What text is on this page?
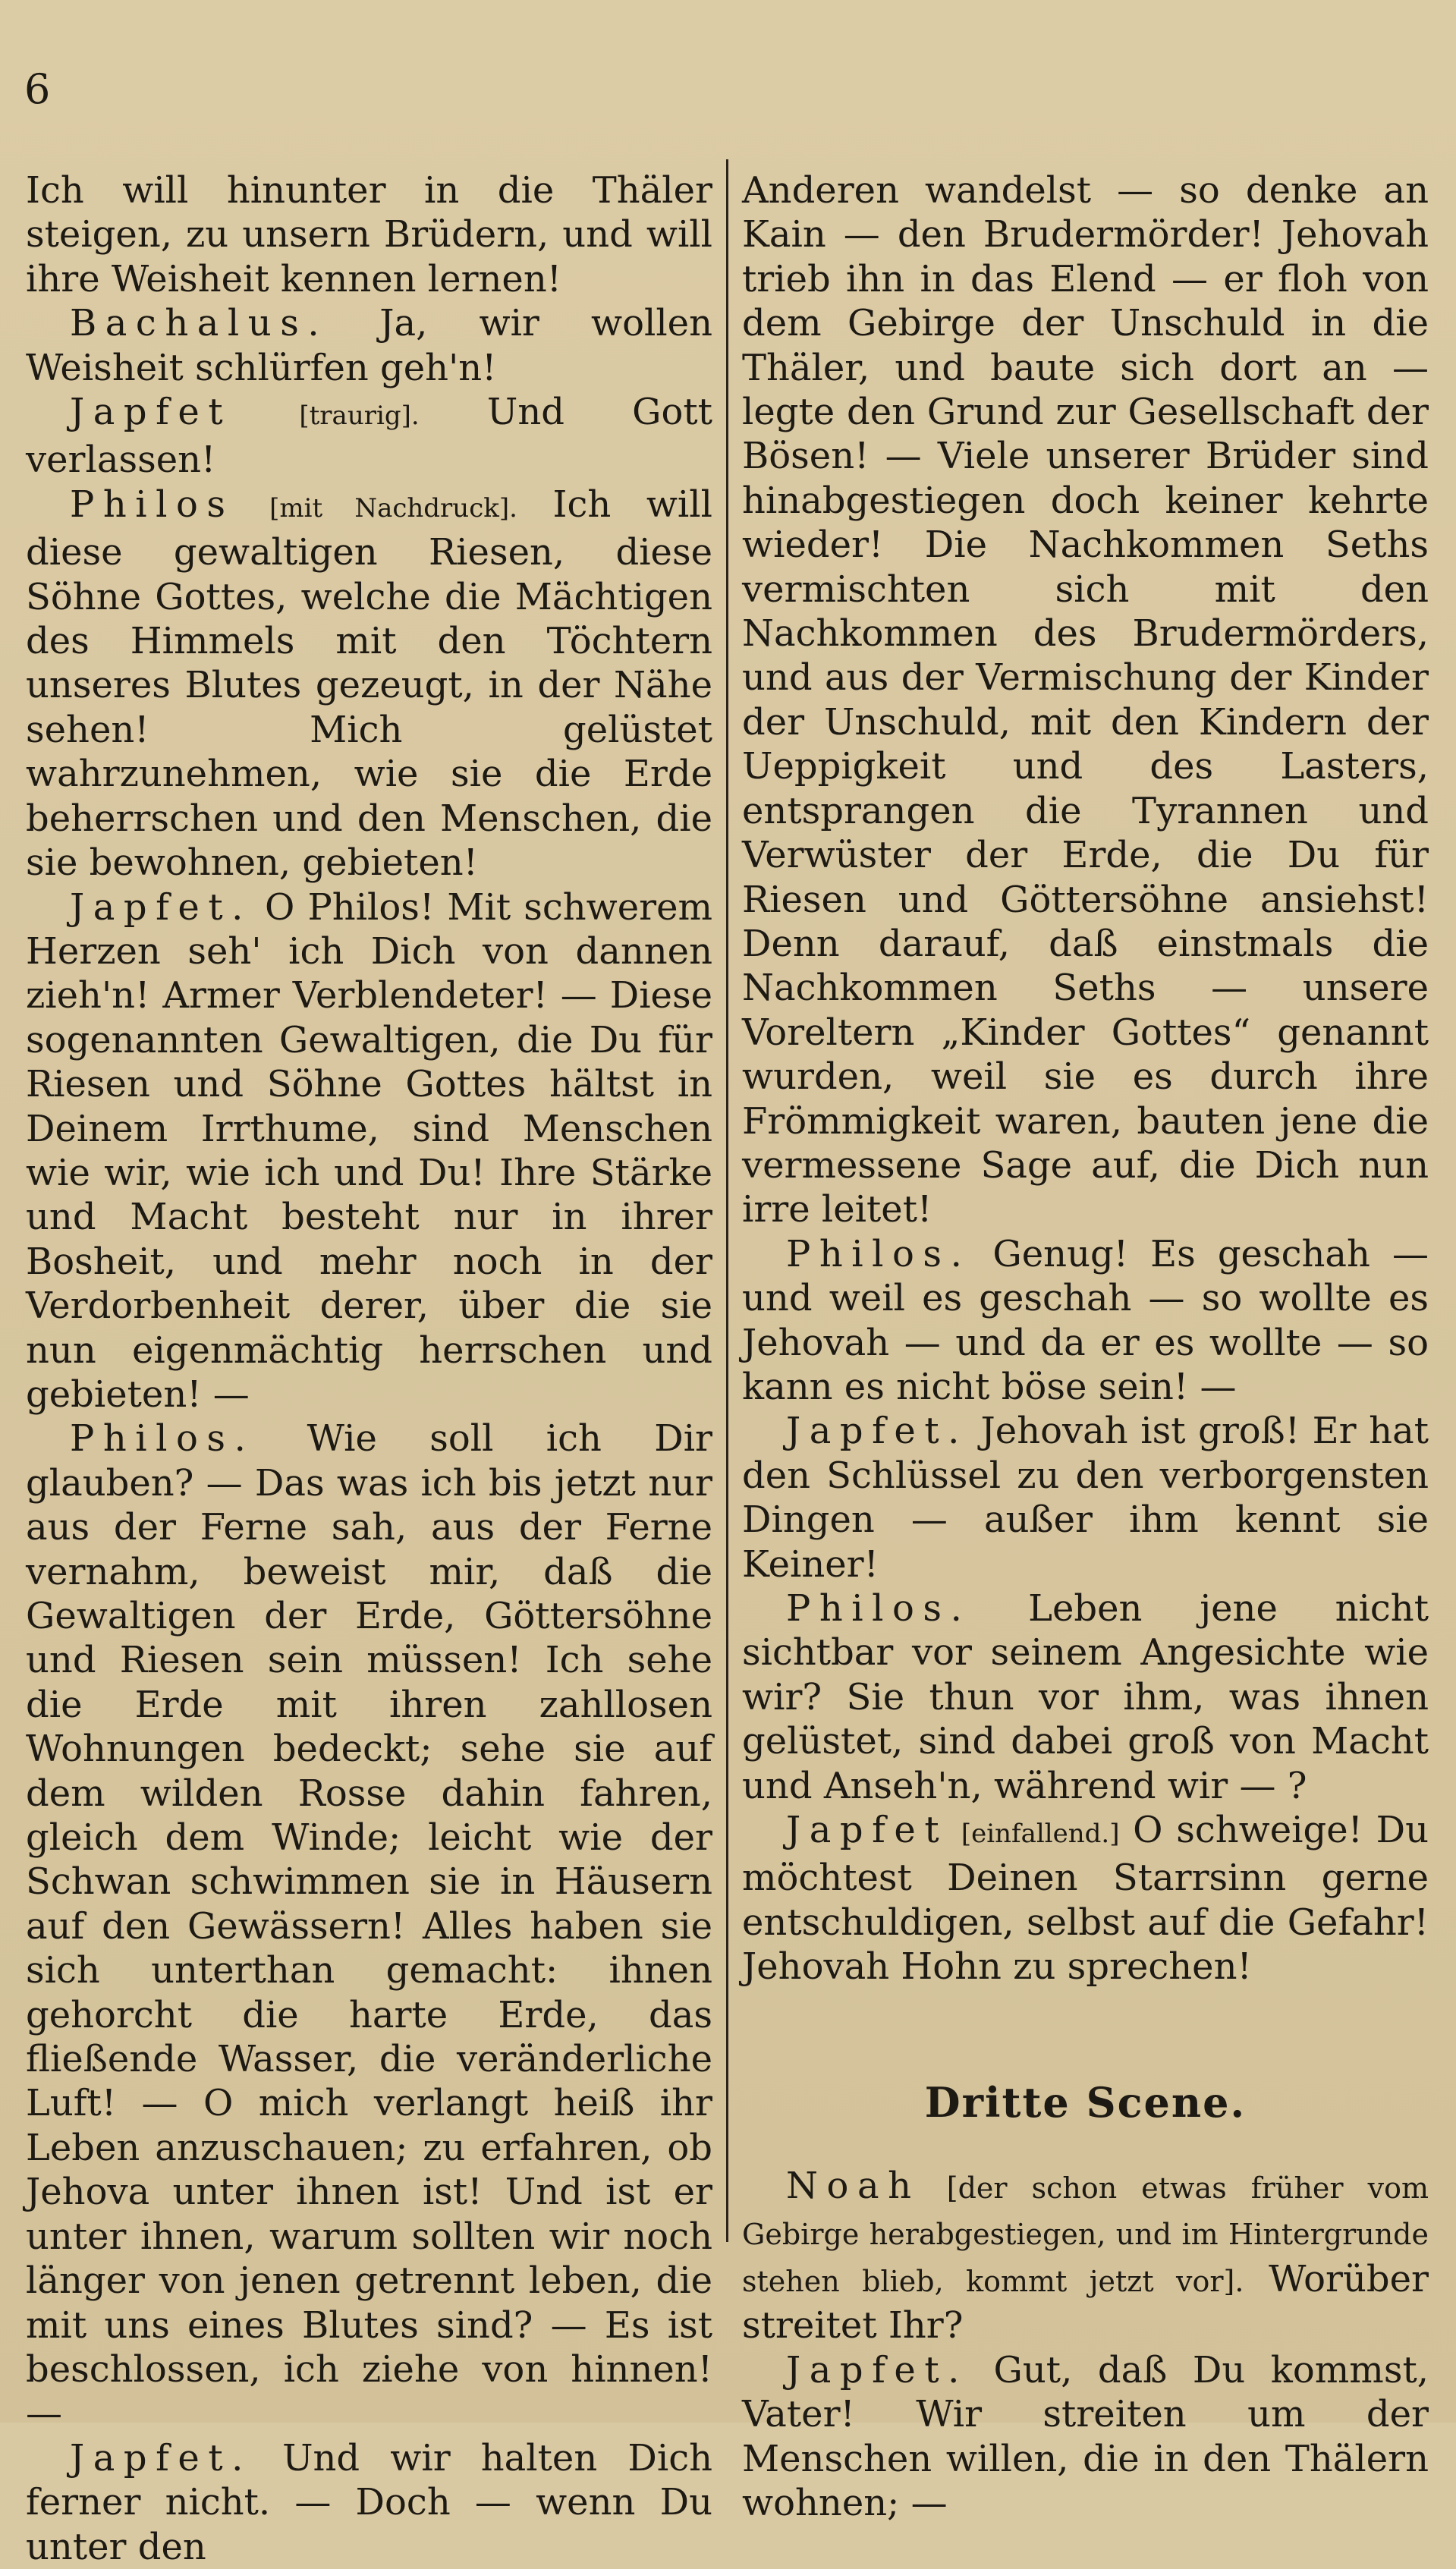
6

Ich will hinunter in die Thäler steigen, zu unsern Brüdern, und will ihre Weisheit kennen lernen!

Bachalus. Ja, wir wollen Weisheit schlürfen geh'n!

Japfet	[traurig]. Und Gott verlassen!

Philos [mit Nachdruck]. Ich will diese gewaltigen Riesen, diese Söhne Gottes, welche die Mächtigen des Himmels mit den Töchtern unseres Blutes gezeugt, in der Nähe sehen! Mich gelüstet wahrzunehmen, wie sie die Erde beherrschen und den Menschen, die sie bewohnen, gebieten!

Japfet. O Philos! Mit schwerem Herzen seh' ich Dich von dannen zieh'n! Armer Verblendeter! — Diese sogenannten Gewaltigen, die Du für Riesen und Söhne Gottes hältst in Deinem Irrthume, sind Menschen wie wir, wie ich und Du! Ihre Stärke und Macht besteht nur in ihrer Bosheit, und mehr noch in der Verdorbenheit derer, über die sie nun eigenmächtig herrschen und gebieten! —

Philos. Wie soll ich Dir glauben? — Das was ich bis jetzt nur aus der Ferne sah, aus der Ferne vernahm, beweist mir, daß die Gewaltigen der Erde, Göttersöhne und Riesen sein müssen! Ich sehe die Erde mit ihren zahllosen Wohnungen bedeckt; sehe sie auf dem wilden Rosse dahin fahren, gleich dem Winde; leicht wie der Schwan schwimmen sie in Häusern auf den Gewässern! Alles haben sie sich unterthan gemacht: ihnen gehorcht die harte Erde, das fließende Wasser, die veränderliche Luft! — O mich verlangt heiß ihr Leben anzuschauen; zu erfahren, ob Jehova unter ihnen ist! Und ist er unter ihnen, warum sollten wir noch länger von jenen getrennt leben, die mit uns eines Blutes sind? — Es ist beschlossen, ich ziehe von hinnen! —

Japfet. Und wir halten Dich ferner nicht. — Doch — wenn Du unter den

Anderen wandelst — so denke an Kain — den Brudermörder! Jehovah trieb ihn in das Elend — er floh von dem Gebirge der Unschuld in die Thäler, und baute sich dort an — legte den Grund zur Gesellschaft der Bösen! — Viele unserer Brüder sind hinabgestiegen doch keiner kehrte wieder! Die Nachkommen Seths vermischten sich mit den Nachkommen des Brudermörders, und aus der Vermischung der Kinder der Unschuld, mit den Kindern der Ueppigkeit und des Lasters, entsprangen die Tyrannen und Verwüster der Erde, die Du für Riesen und Göttersöhne ansiehst! Denn darauf, daß einstmals die Nachkommen Seths — unsere Voreltern „Kinder Gottes“ genannt wurden, weil sie es durch ihre Frömmigkeit waren, bauten jene die vermessene Sage auf, die Dich nun irre leitet!

Philos. Genug! Es geschah — und weil es geschah — so wollte es Jehovah — und da er es wollte — so kann es nicht böse sein! —

Japfet. Jehovah ist groß! Er hat den Schlüssel zu den verborgensten Dingen — außer ihm kennt sie Keiner!

Philos. Leben jene nicht sichtbar vor seinem Angesichte wie wir? Sie thun vor ihm, was ihnen gelüstet, sind dabei groß von Macht und Anseh'n, während wir — ?

Japfet [einfallend.] O schweige! Du möchtest Deinen Starrsinn gerne entschuldigen, selbst auf die Gefahr! Jehovah Hohn zu sprechen!

Dritte Scene.

Noah [der schon etwas früher vom Gebirge herabgestiegen, und im Hintergrunde stehen blieb, kommt jetzt vor]. Worüber streitet Ihr?

Japfet. Gut, daß Du kommst, Vater! Wir streiten um der Menschen willen, die in den Thälern wohnen; —
